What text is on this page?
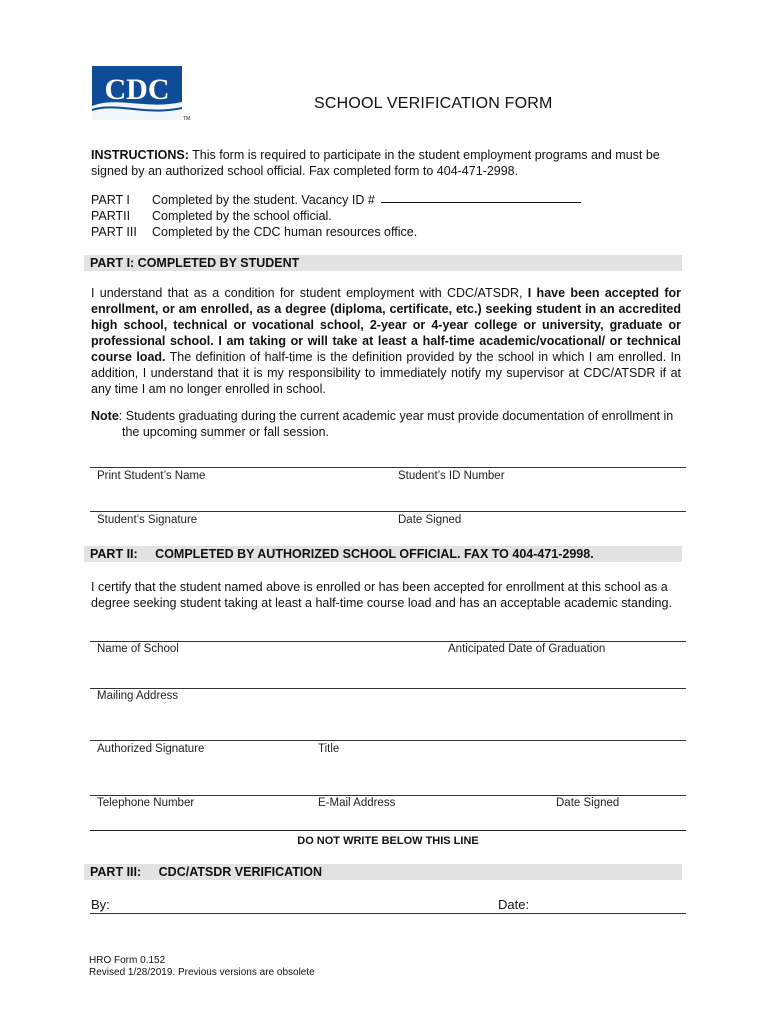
CDC
TM
SCHOOL VERIFICATION FORM
INSTRUCTIONS: This form is required to participate in the student employment programs and must be signed by an authorized school official. Fax completed form to 404-471-2998.
PART I	Completed by the student. Vacancy ID #
PARTII	Completed by the school official.
PART III	Completed by the CDC human resources office.
PART I: COMPLETED BY STUDENT
I understand that as a condition for student employment with CDC/ATSDR, I have been accepted for enrollment, or am enrolled, as a degree (diploma, certificate, etc.) seeking student in an accredited high school, technical or vocational school, 2-year or 4-year college or university, graduate or professional school. I am taking or will take at least a half-time academic/vocational/ or technical course load. The definition of half-time is the definition provided by the school in which I am enrolled. In addition, I understand that it is my responsibility to immediately notify my supervisor at CDC/ATSDR if at any time I am no longer enrolled in school.
Note: Students graduating during the current academic year must provide documentation of enrollment in
the upcoming summer or fall session.
Print Student’s Name	Student’s ID Number
Student’s Signature	Date Signed
PART II: COMPLETED BY AUTHORIZED SCHOOL OFFICIAL. FAX TO 404-471-2998.
I certify that the student named above is enrolled or has been accepted for enrollment at this school as a degree seeking student taking at least a half-time course load and has an acceptable academic standing.
Name of School	Anticipated Date of Graduation
Mailing Address
Authorized Signature	Title
Telephone Number	E-Mail Address	Date Signed
DO NOT WRITE BELOW THIS LINE
PART III: CDC/ATSDR VERIFICATION
By:	Date:
HRO Form 0.152
Revised 1/28/2019. Previous versions are obsolete
